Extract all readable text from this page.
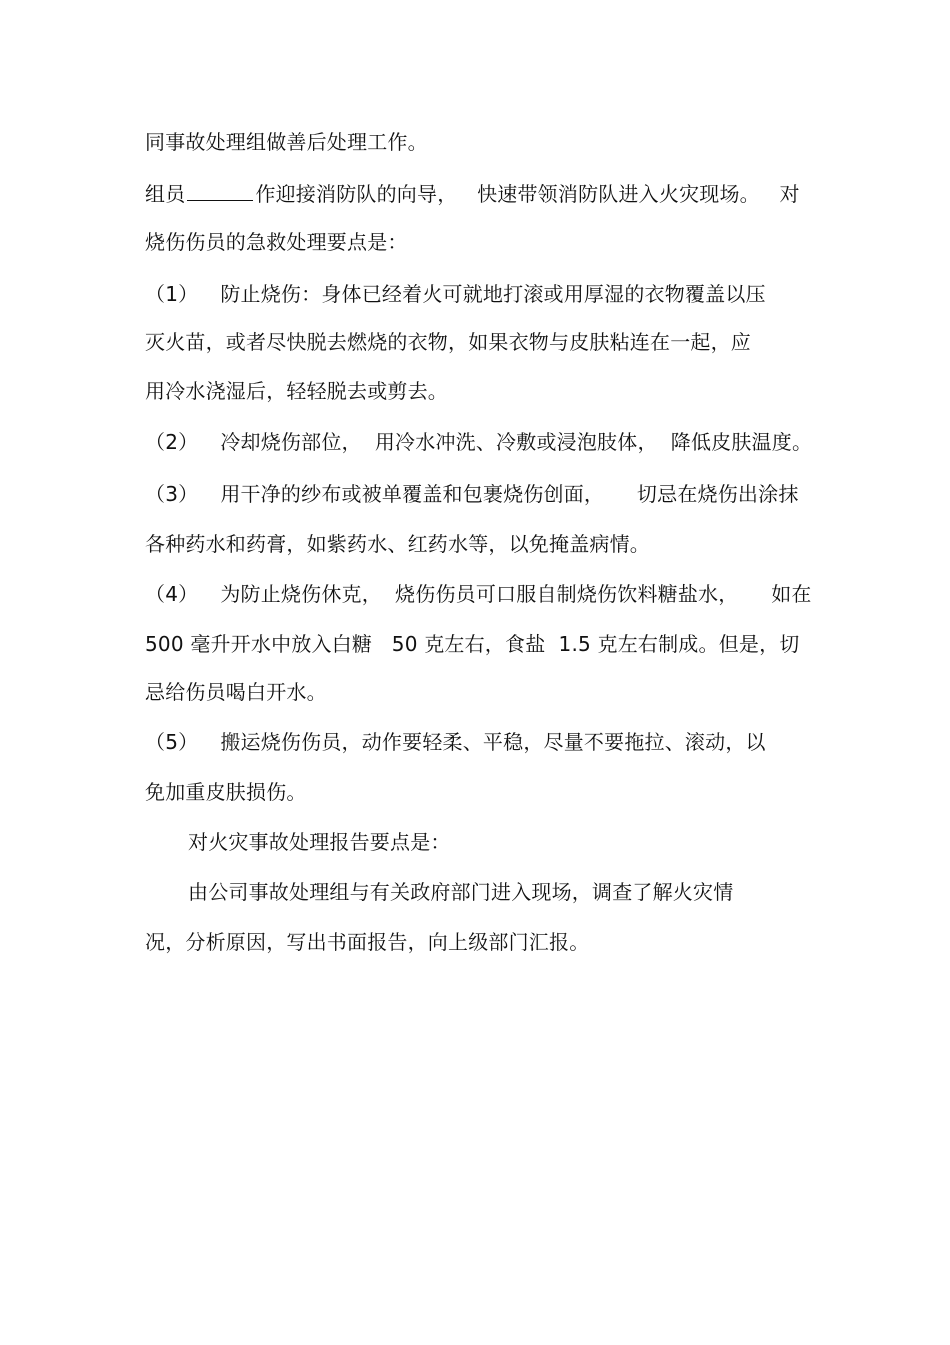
同事故处理组做善后处理工作。
组员	作迎接消防队的向导，   快速带领消防队进入火灾现场。   对
烧伤伤员的急救处理要点是：
（1） 防止烧伤：身体已经着火可就地打滚或用厚湿的衣物覆盖以压
灭火苗，或者尽快脱去燃烧的衣物，如果衣物与皮肤粘连在一起，应
用冷水浇湿后，轻轻脱去或剪去。
（2） 冷却烧伤部位，  用冷水冲洗、冷敷或浸泡肢体，  降低皮肤温度。
（3） 用干净的纱布或被单覆盖和包裹烧伤创面，     切忌在烧伤出涂抹
各种药水和药膏，如紫药水、红药水等，以免掩盖病情。
（4） 为防止烧伤休克，  烧伤伤员可口服自制烧伤饮料糖盐水，     如在
500 毫升开水中放入白糖   50 克左右，食盐  1.5 克左右制成。但是，切
忌给伤员喝白开水。
（5） 搬运烧伤伤员，动作要轻柔、平稳，尽量不要拖拉、滚动，以
免加重皮肤损伤。
对火灾事故处理报告要点是：
由公司事故处理组与有关政府部门进入现场，调查了解火灾情
况，分析原因，写出书面报告，向上级部门汇报。
